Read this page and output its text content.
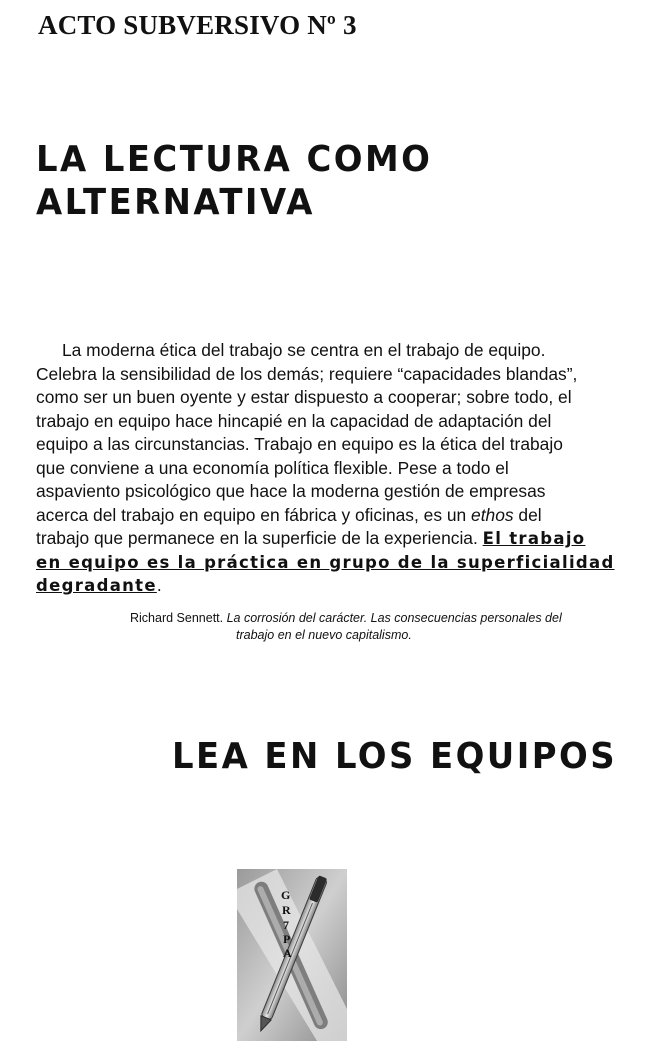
ACTO SUBVERSIVO Nº 3
LA LECTURA COMO
ALTERNATIVA
La moderna ética del trabajo se centra en el trabajo de equipo.
Celebra la sensibilidad de los demás; requiere “capacidades blandas”,
como ser un buen oyente y estar dispuesto a cooperar; sobre todo, el
trabajo en equipo hace hincapié en la capacidad de adaptación del
equipo a las circunstancias. Trabajo en equipo es la ética del trabajo
que conviene a una economía política flexible. Pese a todo el
aspaviento psicológico que hace la moderna gestión de empresas
acerca del trabajo en equipo en fábrica y oficinas, es un ethos del
trabajo que permanece en la superficie de la experiencia. El trabajo
en equipo es la práctica en grupo de la superficialidad
degradante.
Richard Sennett. La corrosión del carácter. Las consecuencias personales del
trabajo en el nuevo capitalismo.
LEA EN LOS EQUIPOS
G
R
7
P
A
